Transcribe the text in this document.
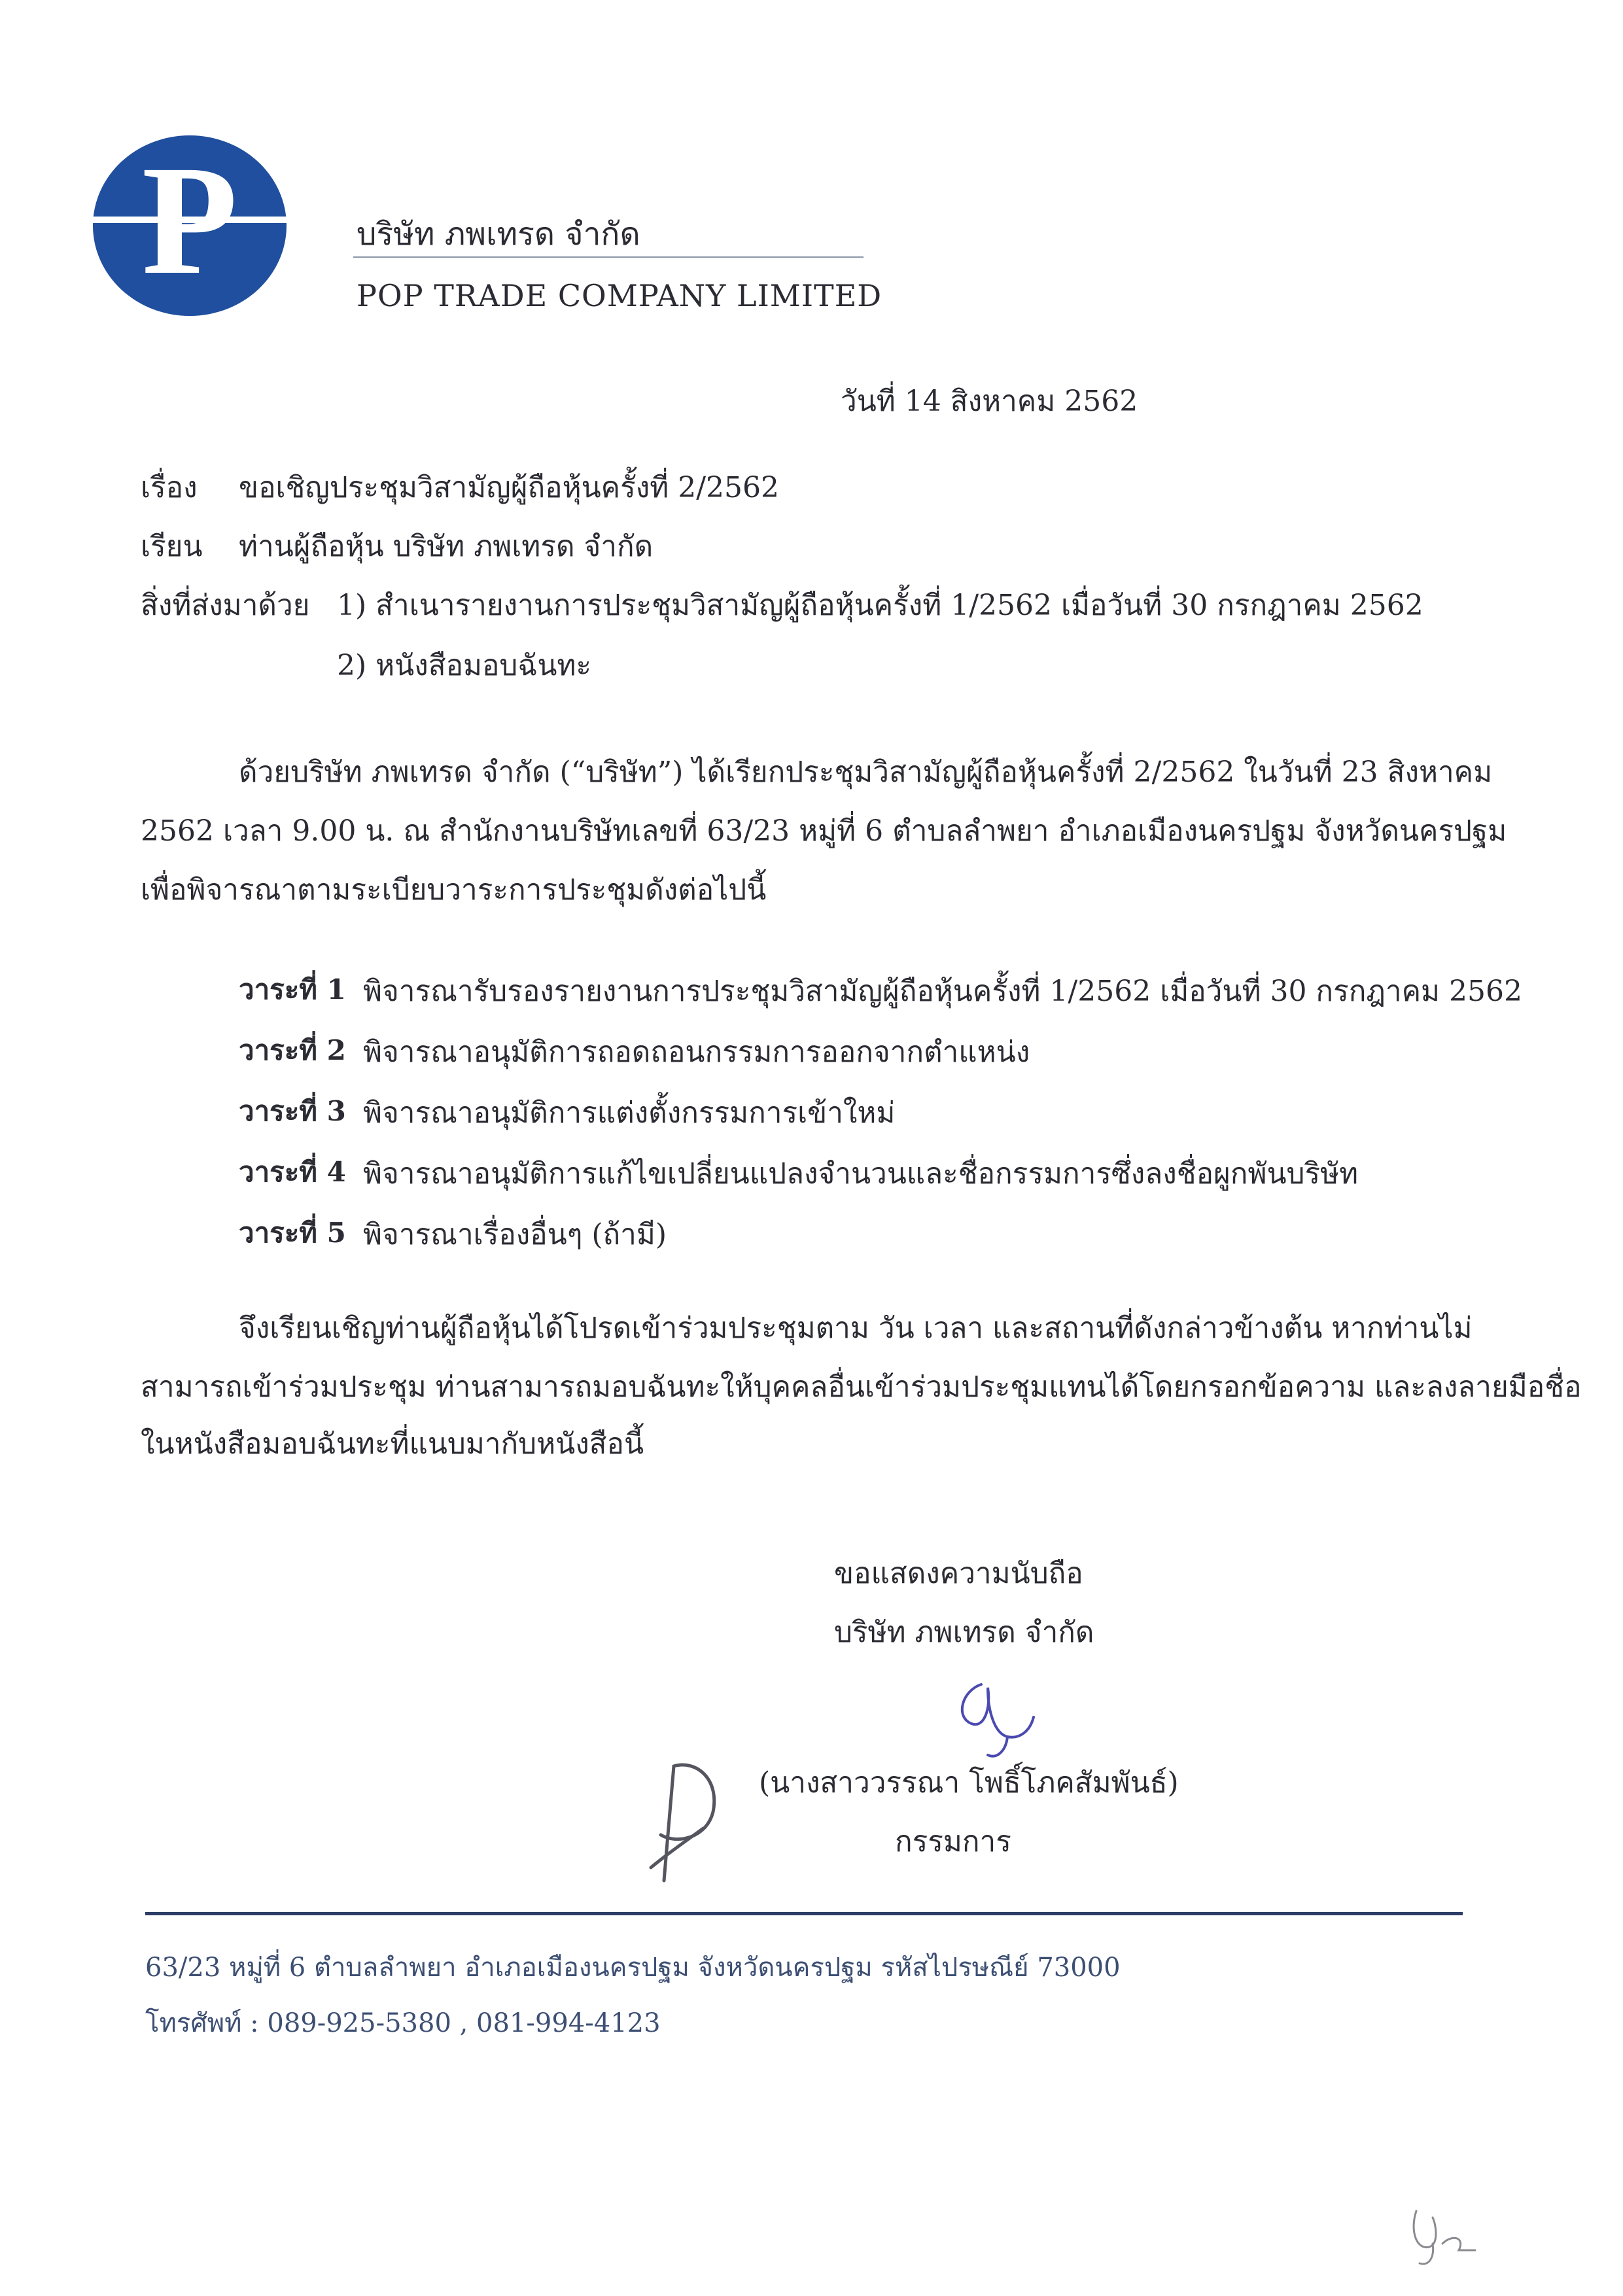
P	บริษัท ภพเทรด จำกัด
POP TRADE COMPANY LIMITED
วันที่ 14 สิงหาคม 2562
เรื่อง ขอเชิญประชุมวิสามัญผู้ถือหุ้นครั้งที่ 2/2562
เรียน ท่านผู้ถือหุ้น บริษัท ภพเทรด จำกัด
สิ่งที่ส่งมาด้วย 1) สำเนารายงานการประชุมวิสามัญผู้ถือหุ้นครั้งที่ 1/2562 เมื่อวันที่ 30 กรกฎาคม 2562
2) หนังสือมอบฉันทะ
ด้วยบริษัท ภพเทรด จำกัด (“บริษัท”) ได้เรียกประชุมวิสามัญผู้ถือหุ้นครั้งที่ 2/2562 ในวันที่ 23 สิงหาคม
2562 เวลา 9.00 น. ณ สำนักงานบริษัทเลขที่ 63/23 หมู่ที่ 6 ตำบลลำพยา อำเภอเมืองนครปฐม จังหวัดนครปฐม
เพื่อพิจารณาตามระเบียบวาระการประชุมดังต่อไปนี้
วาระที่ 1 พิจารณารับรองรายงานการประชุมวิสามัญผู้ถือหุ้นครั้งที่ 1/2562 เมื่อวันที่ 30 กรกฎาคม 2562
วาระที่ 2 พิจารณาอนุมัติการถอดถอนกรรมการออกจากตำแหน่ง
วาระที่ 3 พิจารณาอนุมัติการแต่งตั้งกรรมการเข้าใหม่
วาระที่ 4 พิจารณาอนุมัติการแก้ไขเปลี่ยนแปลงจำนวนและชื่อกรรมการซึ่งลงชื่อผูกพันบริษัท
วาระที่ 5 พิจารณาเรื่องอื่นๆ (ถ้ามี)
จึงเรียนเชิญท่านผู้ถือหุ้นได้โปรดเข้าร่วมประชุมตาม วัน เวลา และสถานที่ดังกล่าวข้างต้น หากท่านไม่
สามารถเข้าร่วมประชุม ท่านสามารถมอบฉันทะให้บุคคลอื่นเข้าร่วมประชุมแทนได้โดยกรอกข้อความ และลงลายมือชื่อ
ในหนังสือมอบฉันทะที่แนบมากับหนังสือนี้
ขอแสดงความนับถือ
บริษัท ภพเทรด จำกัด
(นางสาววรรณา โพธิ์โภคสัมพันธ์)
กรรมการ
63/23 หมู่ที่ 6 ตำบลลำพยา อำเภอเมืองนครปฐม จังหวัดนครปฐม รหัสไปรษณีย์ 73000
โทรศัพท์ : 089-925-5380 , 081-994-4123
